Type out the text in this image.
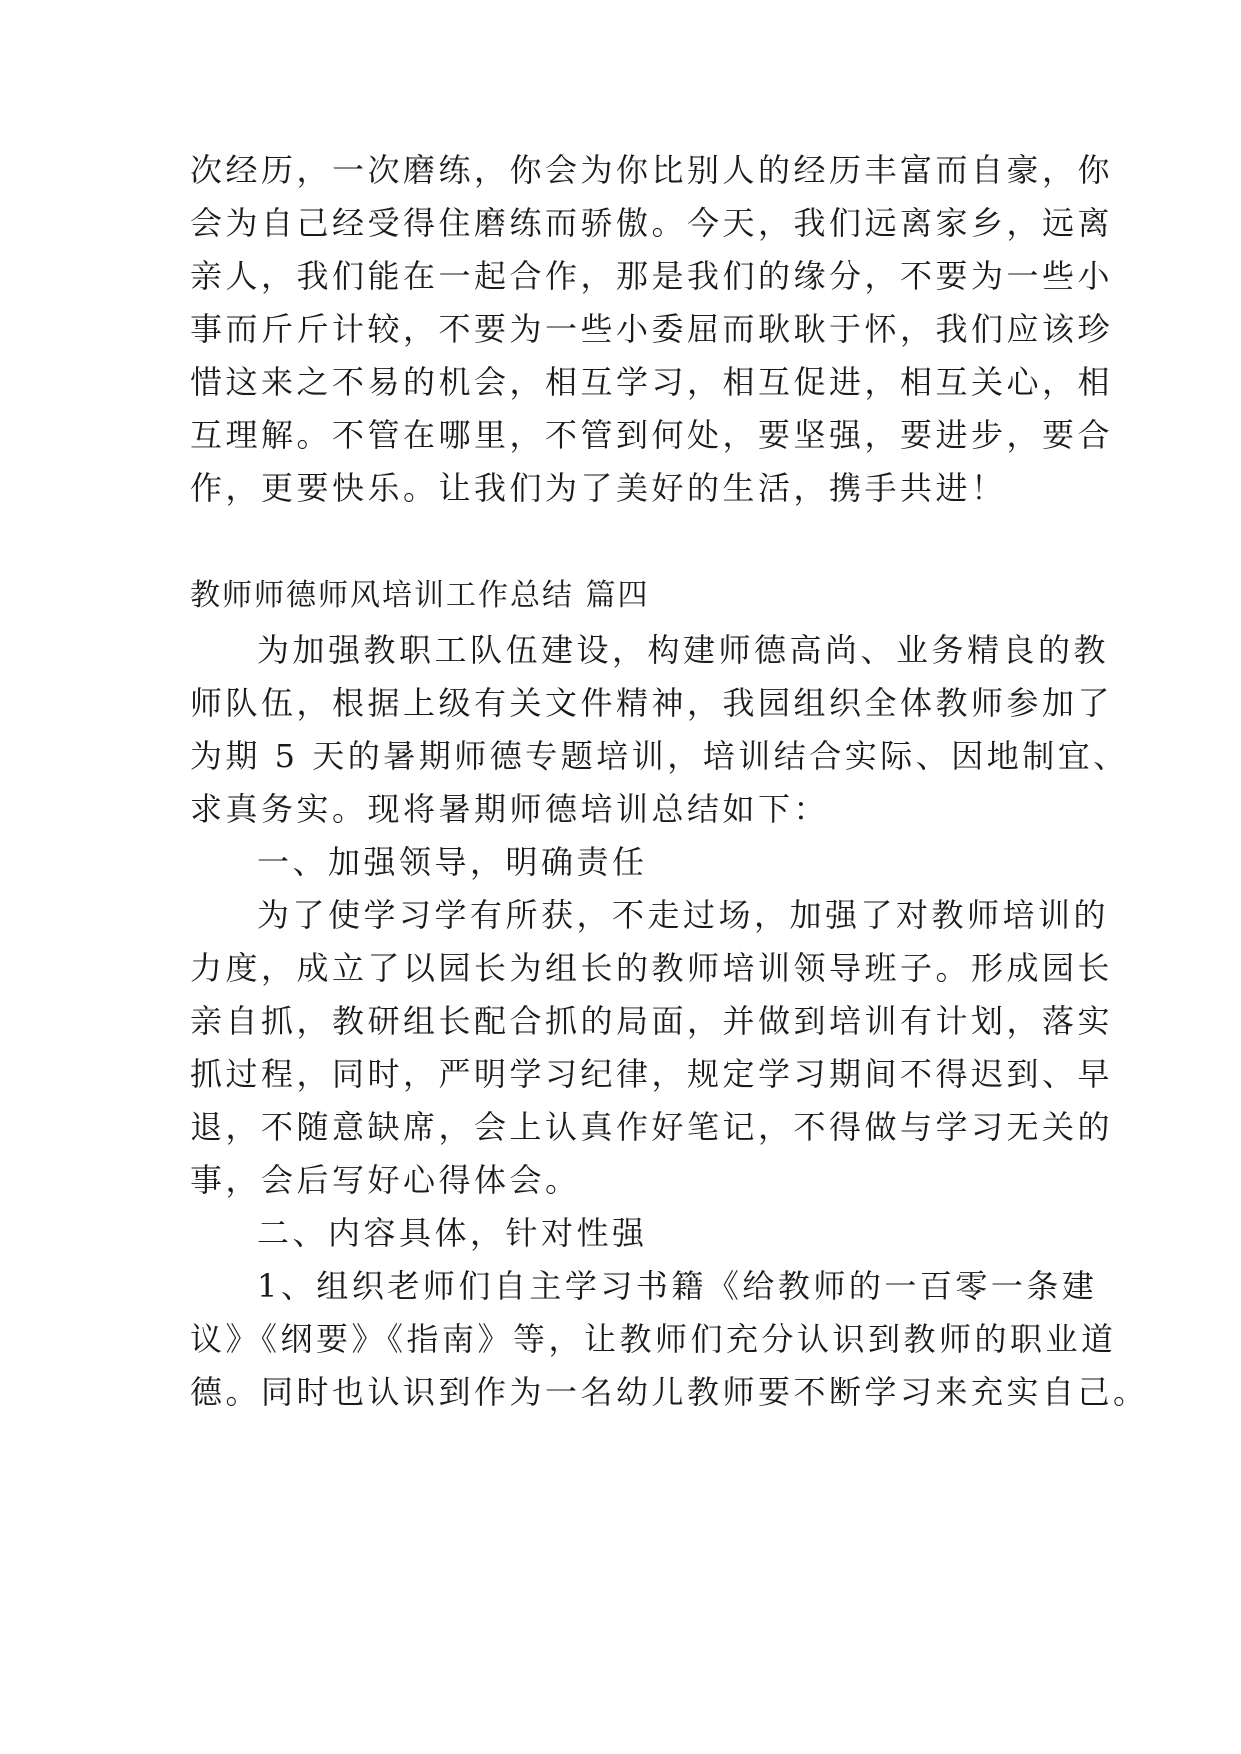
次经历，一次磨练，你会为你比别人的经历丰富而自豪，你
会为自己经受得住磨练而骄傲。今天，我们远离家乡，远离
亲人，我们能在一起合作，那是我们的缘分，不要为一些小
事而斤斤计较，不要为一些小委屈而耿耿于怀，我们应该珍
惜这来之不易的机会，相互学习，相互促进，相互关心，相
互理解。不管在哪里，不管到何处，要坚强，要进步，要合
作，更要快乐。让我们为了美好的生活，携手共进！
教师师德师风培训工作总结 篇四
为加强教职工队伍建设，构建师德高尚、业务精良的教
师队伍，根据上级有关文件精神，我园组织全体教师参加了
为期 5 天的暑期师德专题培训，培训结合实际、因地制宜、
求真务实。现将暑期师德培训总结如下：
一、加强领导，明确责任
为了使学习学有所获，不走过场，加强了对教师培训的
力度，成立了以园长为组长的教师培训领导班子。形成园长
亲自抓，教研组长配合抓的局面，并做到培训有计划，落实
抓过程，同时，严明学习纪律，规定学习期间不得迟到、早
退，不随意缺席，会上认真作好笔记，不得做与学习无关的
事，会后写好心得体会。
二、内容具体，针对性强
1、组织老师们自主学习书籍《给教师的一百零一条建
议》《纲要》《指南》等，让教师们充分认识到教师的职业道
德。同时也认识到作为一名幼儿教师要不断学习来充实自己。
